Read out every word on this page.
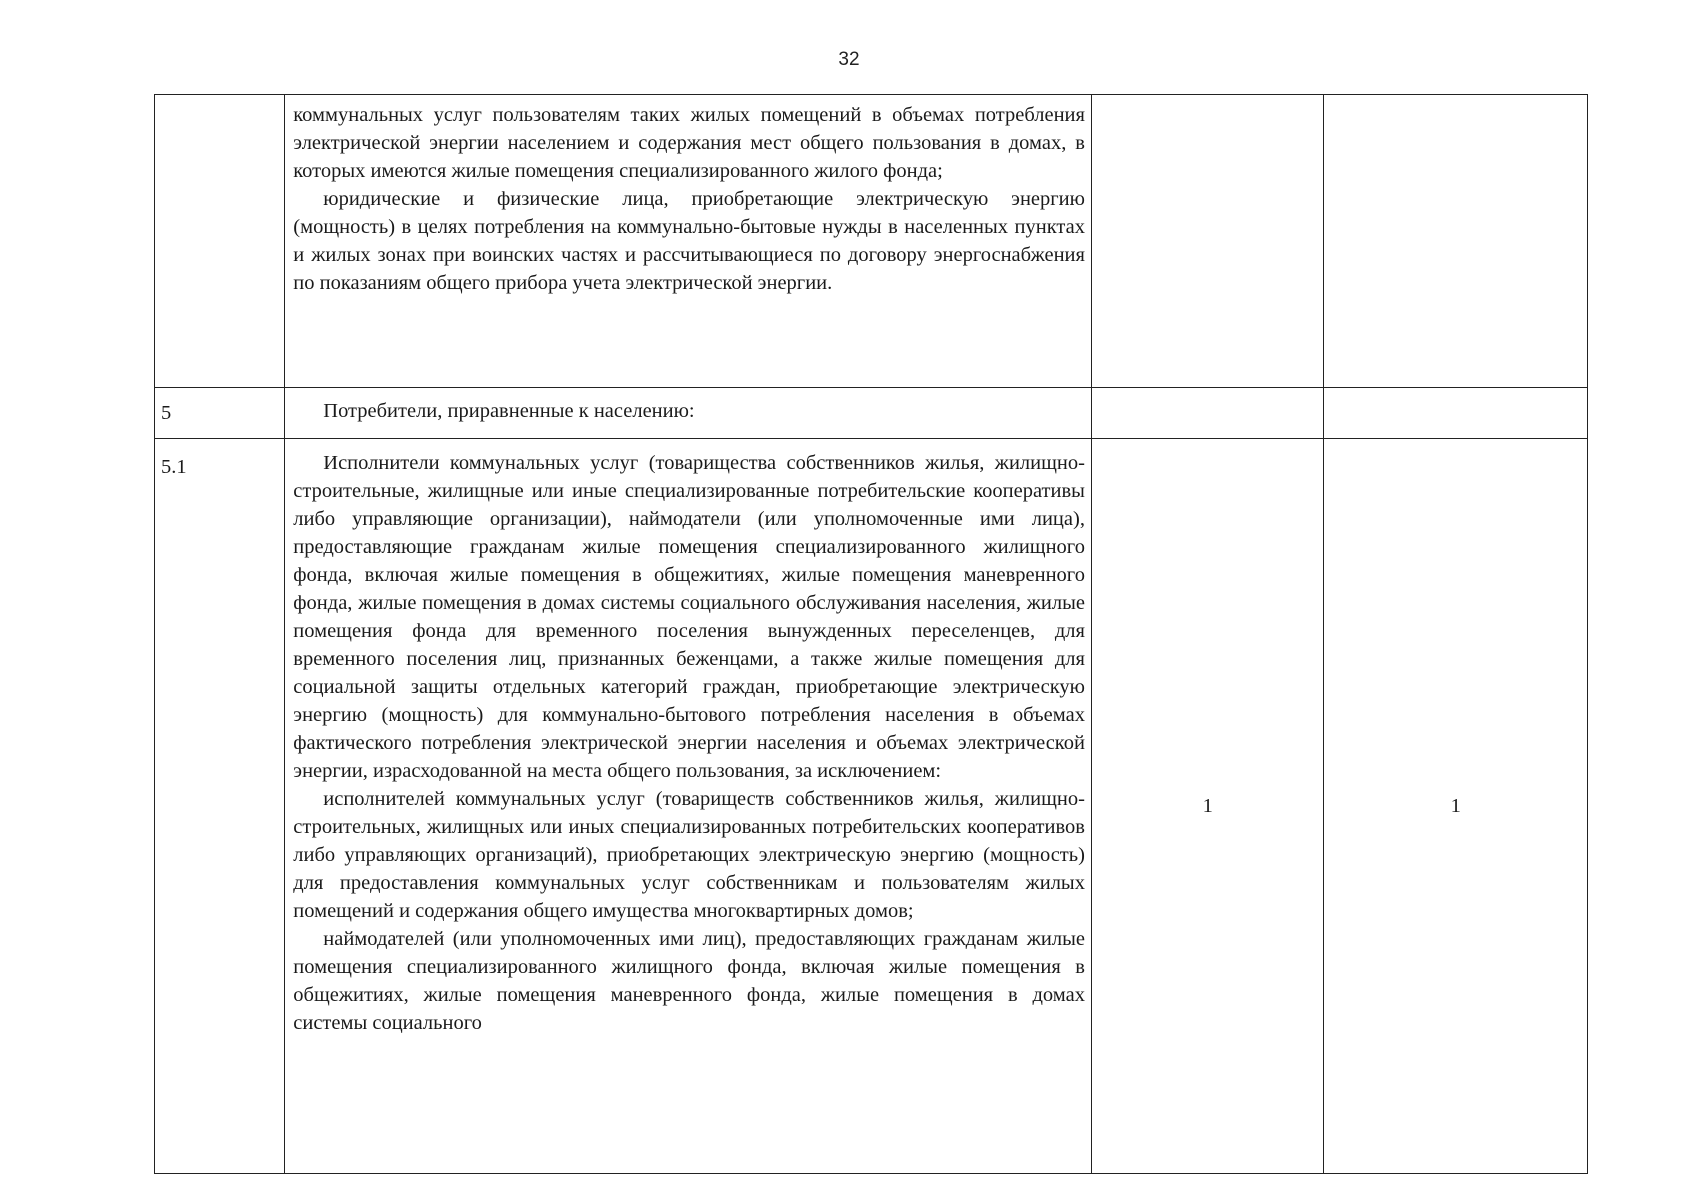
32

	коммунальных услуг пользователям таких жилых помещений в объемах потребления электрической энергии населением и содержания мест общего пользования в домах, в которых имеются жилые помещения специализированного жилого фонда;

юридические и физические лица, приобретающие электрическую энергию (мощность) в целях потребления на коммунально-бытовые нужды в населенных пунктах и жилых зонах при воинских частях и рассчитывающиеся по договору энергоснабжения по показаниям общего прибора учета электрической энергии.		

5	Потребители, приравненные к населению:		

5.1	Исполнители коммунальных услуг (товарищества собственников жилья, жилищно-строительные, жилищные или иные специализированные потребительские кооперативы либо управляющие организации), наймодатели (или уполномоченные ими лица), предоставляющие гражданам жилые помещения специализированного жилищного фонда, включая жилые помещения в общежитиях, жилые помещения маневренного фонда, жилые помещения в домах системы социального обслуживания населения, жилые помещения фонда для временного поселения вынужденных переселенцев, для временного поселения лиц, признанных беженцами, а также жилые помещения для социальной защиты отдельных категорий граждан, приобретающие электрическую энергию (мощность) для коммунально-бытового потребления населения в объемах фактического потребления электрической энергии населения и объемах электрической энергии, израсходованной на места общего пользования, за исключением:

исполнителей коммунальных услуг (товариществ собственников жилья, жилищно-строительных, жилищных или иных специализированных потребительских кооперативов либо управляющих организаций), приобретающих электрическую энергию (мощность) для предоставления коммунальных услуг собственникам и пользователям жилых помещений и содержания общего имущества многоквартирных домов;

наймодателей (или уполномоченных ими лиц), предоставляющих гражданам жилые помещения специализированного жилищного фонда, включая жилые помещения в общежитиях, жилые помещения маневренного фонда, жилые помещения в домах системы социального	1	1
